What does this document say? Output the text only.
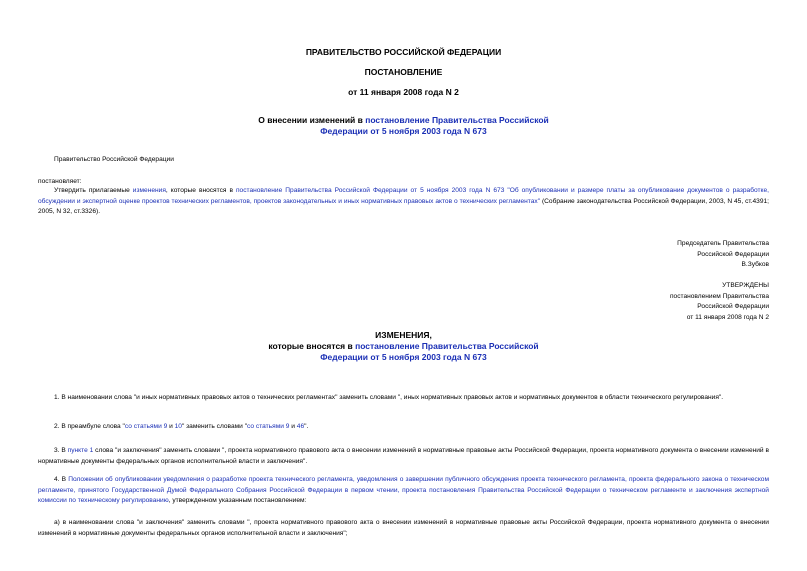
ПРАВИТЕЛЬСТВО РОССИЙСКОЙ ФЕДЕРАЦИИ
ПОСТАНОВЛЕНИЕ
от 11 января 2008 года N 2
О внесении изменений в постановление Правительства Российской Федерации от 5 ноября 2003 года N 673
Правительство Российской Федерации
постановляет:
Утвердить прилагаемые изменения, которые вносятся в постановление Правительства Российской Федерации от 5 ноября 2003 года N 673 "Об опубликовании и размере платы за опубликование документов о разработке, обсуждении и экспертной оценке проектов технических регламентов, проектов законодательных и иных нормативных правовых актов о технических регламентах" (Собрание законодательства Российской Федерации, 2003, N 45, ст.4391; 2005, N 32, ст.3326).
Председатель Правительства
Российской Федерации
В.Зубков
УТВЕРЖДЕНЫ
постановлением Правительства
Российской Федерации
от 11 января 2008 года N 2
ИЗМЕНЕНИЯ,
которые вносятся в постановление Правительства Российской Федерации от 5 ноября 2003 года N 673
1. В наименовании слова "и иных нормативных правовых актов о технических регламентах" заменить словами ", иных нормативных правовых актов и нормативных документов в области технического регулирования".
2. В преамбуле слова "со статьями 9 и 10" заменить словами "со статьями 9 и 46".
3. В пункте 1 слова "и заключения" заменить словами ", проекта нормативного правового акта о внесении изменений в нормативные правовые акты Российской Федерации, проекта нормативного документа о внесении изменений в нормативные документы федеральных органов исполнительной власти и заключения".
4. В Положении об опубликовании уведомления о разработке проекта технического регламента, уведомления о завершении публичного обсуждения проекта технического регламента, проекта федерального закона о техническом регламенте, принятого Государственной Думой Федерального Собрания Российской Федерации в первом чтении, проекта постановления Правительства Российской Федерации о техническом регламенте и заключения экспертной комиссии по техническому регулированию, утвержденном указанным постановлением:
а) в наименовании слова "и заключения" заменить словами ", проекта нормативного правового акта о внесении изменений в нормативные правовые акты Российской Федерации, проекта нормативного документа о внесении изменений в нормативные документы федеральных органов исполнительной власти и заключения";
